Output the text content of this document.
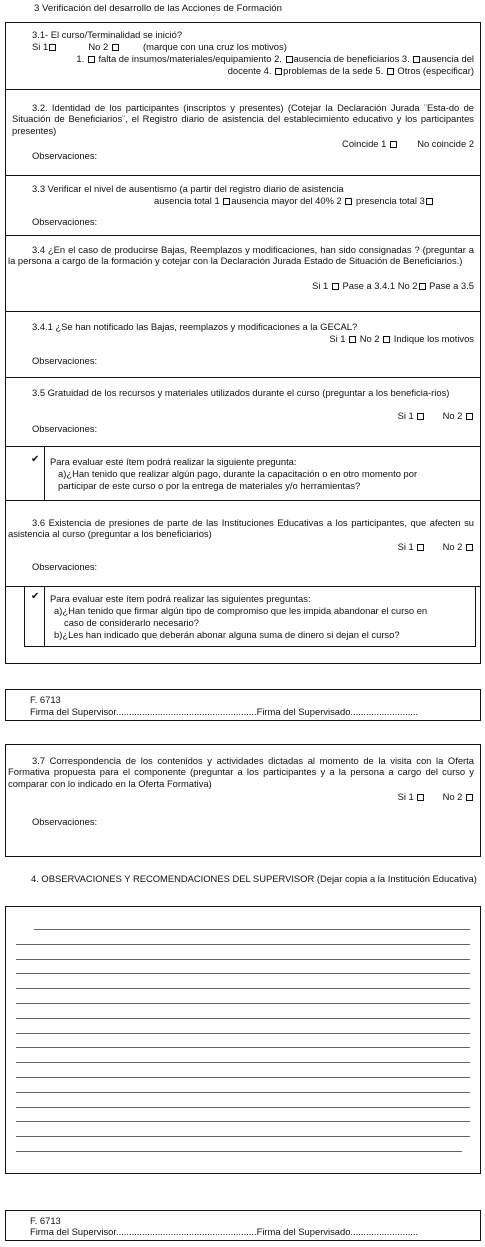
3 Verificación del desarrollo de las Acciones de Formación
3.1- El curso/Terminalidad se inició?
Si 1	No 2	(marque con una cruz los motivos)
1. falta de insumos/materiales/equipamiento 2. ausencia de beneficiarios 3. ausencia del
docente 4. problemas de la sede 5. Otros (especificar)
3.2. Identidad de los participantes (inscriptos y presentes) (Cotejar la Declaración Jurada ¨Esta-do de Situación de Beneficiarios¨, el Registro diario de asistencia del establecimiento educativo y los participantes presentes)
Coincide 1	No coincide 2
Observaciones:
3.3 Verificar el nivel de ausentismo (a partir del registro diario de asistencia
ausencia total 1 ausencia mayor del 40% 2 presencia total 3
Observaciones:
3.4 ¿En el caso de producirse Bajas, Reemplazos y modificaciones, han sido consignadas ? (preguntar a la persona a cargo de la formación y cotejar con la Declaración Jurada Estado de Situación de Beneficiarios.)
Si 1 Pase a 3.4.1 No 2 Pase a 3.5
3.4.1 ¿Se han notificado las Bajas, reemplazos y modificaciones a la GECAL?
Si 1 No 2 Indique los motivos
Observaciones:
3.5 Gratuidad de los recursos y materiales utilizados durante el curso (preguntar a los beneficia-rios)
Si 1	No 2
Observaciones:
✔ Para evaluar este ítem podrá realizar la siguiente pregunta:
a)¿Han tenido que realizar algún pago, durante la capacitación o en otro momento por
participar de este curso o por la entrega de materiales y/o herramientas?
3.6 Existencia de presiones de parte de las Instituciones Educativas a los participantes, que afecten su asistencia al curso (preguntar a los beneficiarios)
Si 1	No 2
Observaciones:
✔ Para evaluar este ítem podrá realizar las siguientes preguntas:
a)¿Han tenido que firmar algún tipo de compromiso que les impida abandonar el curso en
caso de considerarlo necesario?
b)¿Les han indicado que deberán abonar alguna suma de dinero si dejan el curso?
F. 6713
Firma del Supervisor......................................................Firma del Supervisado..........................
3.7 Correspondencia de los contenidos y actividades dictadas al momento de la visita con la Oferta Formativa propuesta para el componente (preguntar a los participantes y a la persona a cargo del curso y comparar con lo indicado en la Oferta Formativa)
Si 1	No 2
Observaciones:
4. OBSERVACIONES Y RECOMENDACIONES DEL SUPERVISOR (Dejar copia a la Institución Educativa)
F. 6713
Firma del Supervisor......................................................Firma del Supervisado..........................
